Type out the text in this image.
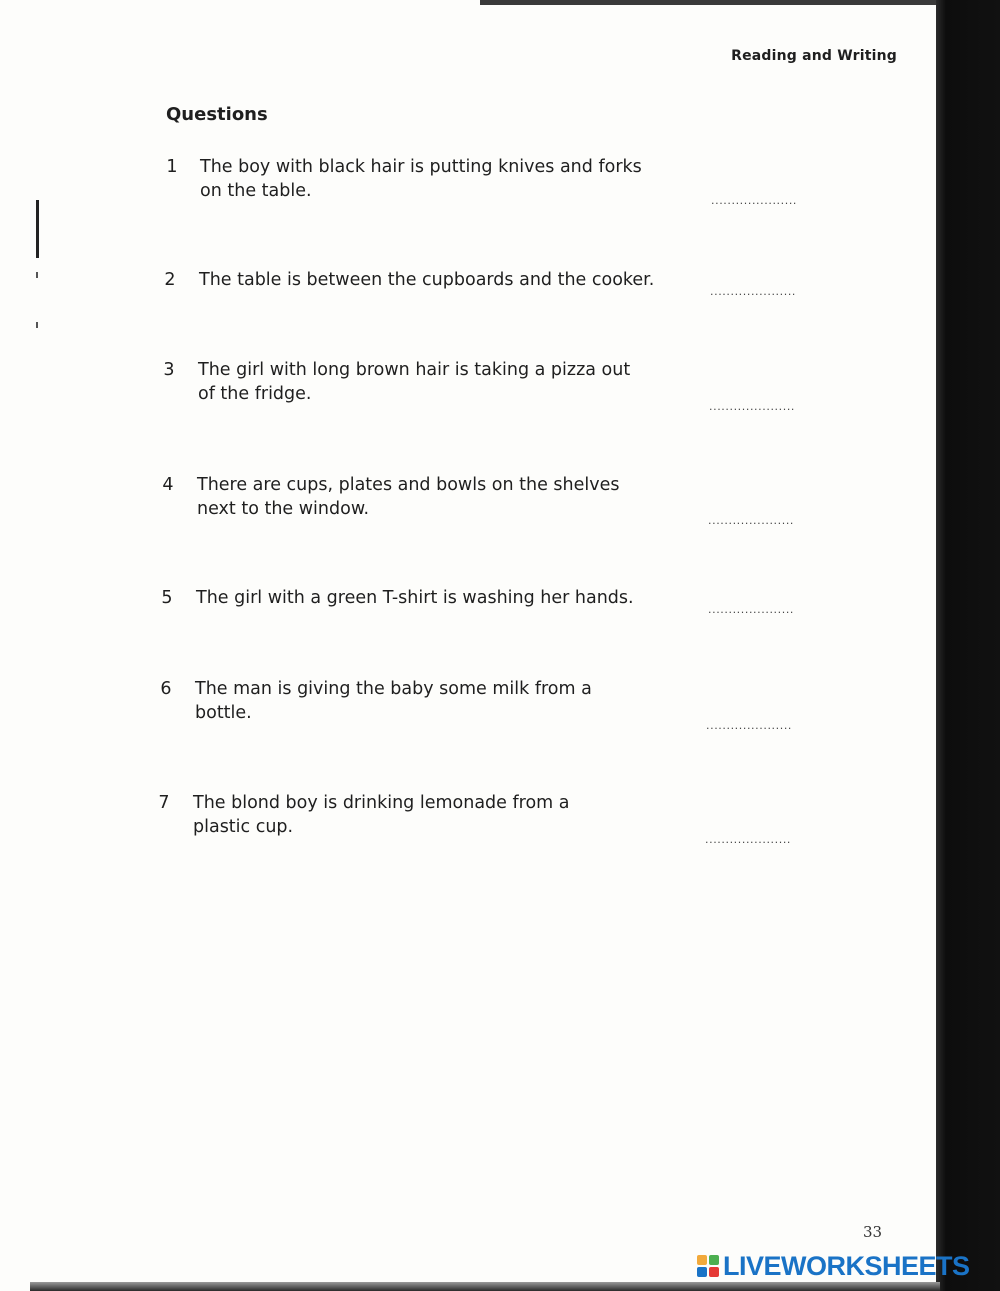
Reading and Writing
Questions
1	The boy with black hair is putting knives and forks
on the table.	.....................
2	The table is between the cupboards and the cooker.
.....................
3	The girl with long brown hair is taking a pizza out
of the fridge.
.....................
4	There are cups, plates and bowls on the shelves
next to the window.
.....................
5	The girl with a green T-shirt is washing her hands.
.....................
6	The man is giving the baby some milk from a
bottle.
.....................
7	The blond boy is drinking lemonade from a
plastic cup.
.....................
33
LIVEWORKSHEETS
